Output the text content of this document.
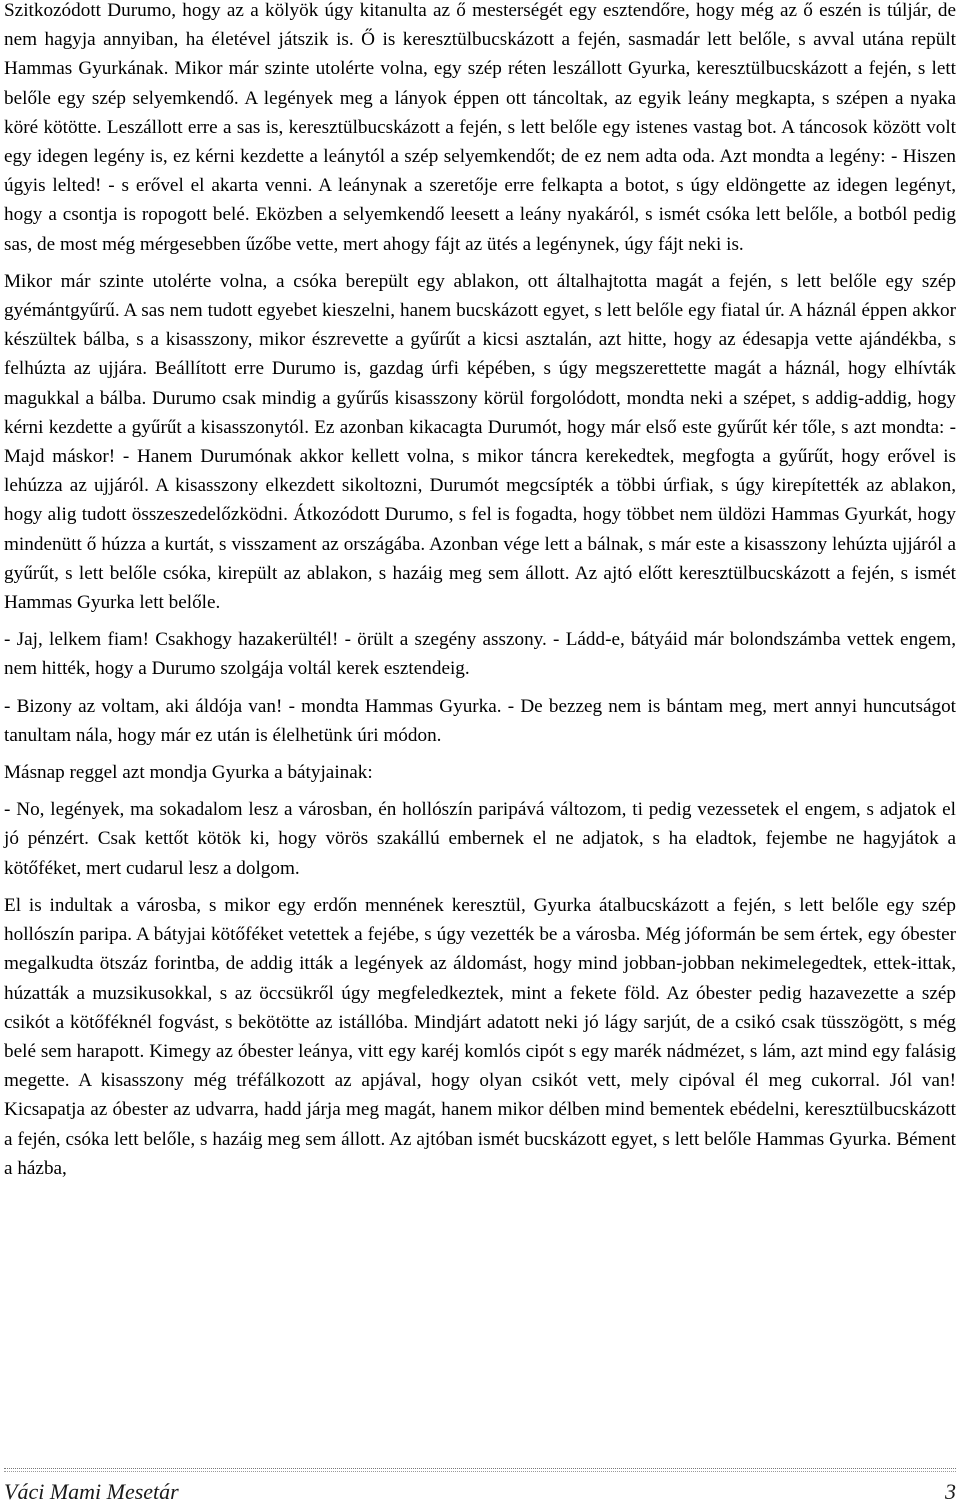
Szitkozódott Durumo, hogy az a kölyök úgy kitanulta az ő mesterségét egy esztendőre, hogy még az ő eszén is túljár, de nem hagyja annyiban, ha életével játszik is. Ő is keresztülbucskázott a fején, sasmadár lett belőle, s avval utána repült Hammas Gyurkának. Mikor már szinte utolérte volna, egy szép réten leszállott Gyurka, keresztülbucskázott a fején, s lett belőle egy szép selyemkendő. A legények meg a lányok éppen ott táncoltak, az egyik leány megkapta, s szépen a nyaka köré kötötte. Leszállott erre a sas is, keresztülbucskázott a fején, s lett belőle egy istenes vastag bot. A táncosok között volt egy idegen legény is, ez kérni kezdette a leánytól a szép selyemkendőt; de ez nem adta oda. Azt mondta a legény: - Hiszen úgyis lelted! - s erővel el akarta venni. A leánynak a szeretője erre felkapta a botot, s úgy eldöngette az idegen legényt, hogy a csontja is ropogott belé. Eközben a selyemkendő leesett a leány nyakáról, s ismét csóka lett belőle, a botból pedig sas, de most még mérgesebben űzőbe vette, mert ahogy fájt az ütés a legénynek, úgy fájt neki is.

Mikor már szinte utolérte volna, a csóka berepült egy ablakon, ott általhajtotta magát a fején, s lett belőle egy szép gyémántgyűrű. A sas nem tudott egyebet kieszelni, hanem bucskázott egyet, s lett belőle egy fiatal úr. A háznál éppen akkor készültek bálba, s a kisasszony, mikor észrevette a gyűrűt a kicsi asztalán, azt hitte, hogy az édesapja vette ajándékba, s felhúzta az ujjára. Beállított erre Durumo is, gazdag úrfi képében, s úgy megszerettette magát a háznál, hogy elhívták magukkal a bálba. Durumo csak mindig a gyűrűs kisasszony körül forgolódott, mondta neki a szépet, s addig-addig, hogy kérni kezdette a gyűrűt a kisasszonytól. Ez azonban kikacagta Durumót, hogy már első este gyűrűt kér tőle, s azt mondta: - Majd máskor! - Hanem Durumónak akkor kellett volna, s mikor táncra kerekedtek, megfogta a gyűrűt, hogy erővel is lehúzza az ujjáról. A kisasszony elkezdett sikoltozni, Durumót megcsípték a többi úrfiak, s úgy kirepítették az ablakon, hogy alig tudott összeszedelőzködni. Átkozódott Durumo, s fel is fogadta, hogy többet nem üldözi Hammas Gyurkát, hogy mindenütt ő húzza a kurtát, s visszament az országába. Azonban vége lett a bálnak, s már este a kisasszony lehúzta ujjáról a gyűrűt, s lett belőle csóka, kirepült az ablakon, s hazáig meg sem állott. Az ajtó előtt keresztülbucskázott a fején, s ismét Hammas Gyurka lett belőle.

- Jaj, lelkem fiam! Csakhogy hazakerültél! - örült a szegény asszony. - Ládd-e, bátyáid már bolondszámba vettek engem, nem hitték, hogy a Durumo szolgája voltál kerek esztendeig.

- Bizony az voltam, aki áldója van! - mondta Hammas Gyurka. - De bezzeg nem is bántam meg, mert annyi huncutságot tanultam nála, hogy már ez után is élelhetünk úri módon.

Másnap reggel azt mondja Gyurka a bátyjainak:

- No, legények, ma sokadalom lesz a városban, én hollószín paripává változom, ti pedig vezessetek el engem, s adjatok el jó pénzért. Csak kettőt kötök ki, hogy vörös szakállú embernek el ne adjatok, s ha eladtok, fejembe ne hagyjátok a kötőféket, mert cudarul lesz a dolgom.

El is indultak a városba, s mikor egy erdőn mennének keresztül, Gyurka átalbucskázott a fején, s lett belőle egy szép hollószín paripa. A bátyjai kötőféket vetettek a fejébe, s úgy vezették be a városba. Még jóformán be sem értek, egy óbester megalkudta ötszáz forintba, de addig itták a legények az áldomást, hogy mind jobban-jobban nekimelegedtek, ettek-ittak, húzatták a muzsikusokkal, s az öccsükről úgy megfeledkeztek, mint a fekete föld. Az óbester pedig hazavezette a szép csikót a kötőféknél fogvást, s bekötötte az istállóba. Mindjárt adatott neki jó lágy sarjút, de a csikó csak tüsszögött, s még belé sem harapott. Kimegy az óbester leánya, vitt egy karéj komlós cipót s egy marék nádmézet, s lám, azt mind egy falásig megette. A kisasszony még tréfálkozott az apjával, hogy olyan csikót vett, mely cipóval él meg cukorral. Jól van! Kicsapatja az óbester az udvarra, hadd járja meg magát, hanem mikor délben mind bementek ebédelni, keresztülbucskázott a fején, csóka lett belőle, s hazáig meg sem állott. Az ajtóban ismét bucskázott egyet, s lett belőle Hammas Gyurka. Bément a házba,

Váci Mami Mesetár	3
